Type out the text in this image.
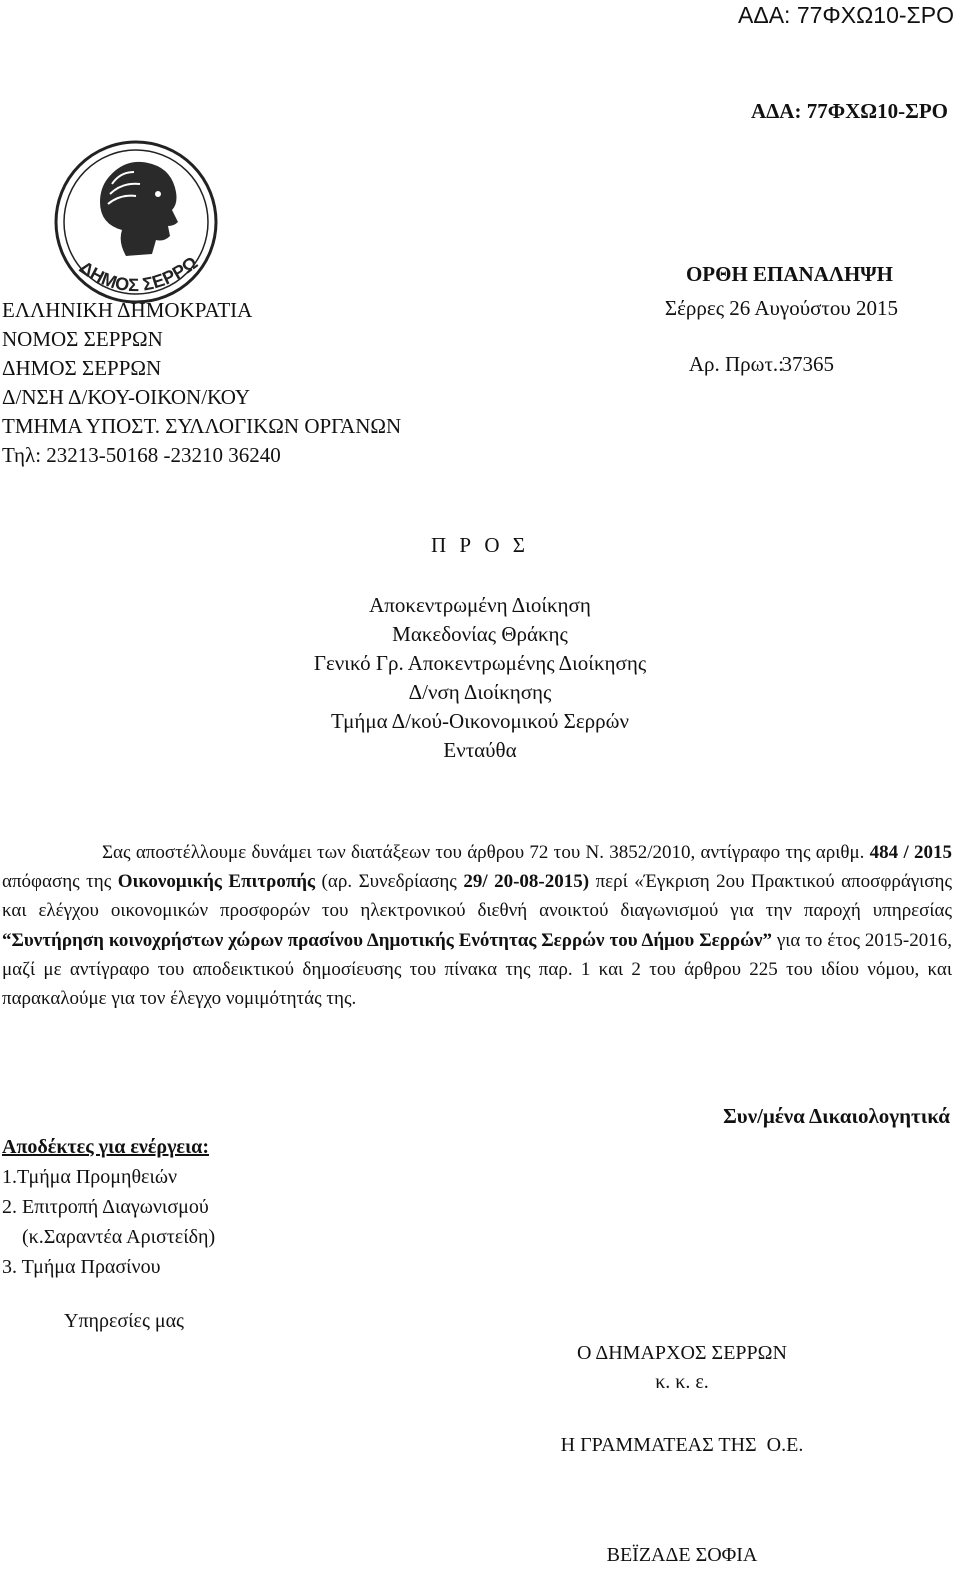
ΑΔΑ: 77ΦΧΩ10-ΣΡΟ
ΑΔΑ: 77ΦΧΩ10-ΣΡΟ
ΔΗΜΟΣ ΣΕΡΡΩ	ΟΡΘΗ ΕΠΑΝΑΛΗΨΗ
Σέρρες 26 Αυγούστου 2015
Αρ. Πρωτ.:
37365
ΕΛΛΗΝΙΚΗ ΔΗΜΟΚΡΑΤΙΑ
ΝΟΜΟΣ ΣΕΡΡΩΝ
ΔΗΜΟΣ ΣΕΡΡΩΝ
Δ/ΝΣΗ Δ/ΚΟΥ-ΟΙΚΟΝ/ΚΟΥ
ΤΜΗΜΑ ΥΠΟΣΤ. ΣΥΛΛΟΓΙΚΩΝ ΟΡΓΑΝΩΝ
Τηλ: 23213-50168 -23210 36240
Π Ρ Ο Σ
Αποκεντρωμένη Διοίκηση
Μακεδονίας Θράκης
Γενικό Γρ. Αποκεντρωμένης Διοίκησης
Δ/νση Διοίκησης
Τμήμα Δ/κού-Οικονομικού Σερρών
Ενταύθα
Σας αποστέλλουμε δυνάμει των διατάξεων του άρθρου 72 του Ν. 3852/2010, αντίγραφο της αριθμ. 484 / 2015 απόφασης της Οικονομικής Επιτροπής (αρ. Συνεδρίασης 29/ 20-08-2015) περί «Έγκριση 2ου Πρακτικού αποσφράγισης και ελέγχου οικονομικών προσφορών του ηλεκτρονικού διεθνή ανοικτού διαγωνισμού για την παροχή υπηρεσίας “Συντήρηση κοινοχρήστων χώρων πρασίνου Δημοτικής Ενότητας Σερρών του Δήμου Σερρών” για το έτος 2015-2016, μαζί με αντίγραφο του αποδεικτικού δημοσίευσης του πίνακα της παρ. 1 και 2 του άρθρου 225 του ιδίου νόμου, και παρακαλούμε για τον έλεγχο νομιμότητάς της.
Συν/μένα Δικαιολογητικά
Αποδέκτες για ενέργεια:
1.Τμήμα Προμηθειών
2. Επιτροπή Διαγωνισμού
(κ.Σαραντέα Αριστείδη)
3. Τμήμα Πρασίνου
Υπηρεσίες μας
Ο ΔΗΜΑΡΧΟΣ ΣΕΡΡΩΝ
κ. κ. ε.
Η ΓΡΑΜΜΑΤΕΑΣ ΤΗΣ  Ο.Ε.
ΒΕΪΖΑΔΕ ΣΟΦΙΑ
